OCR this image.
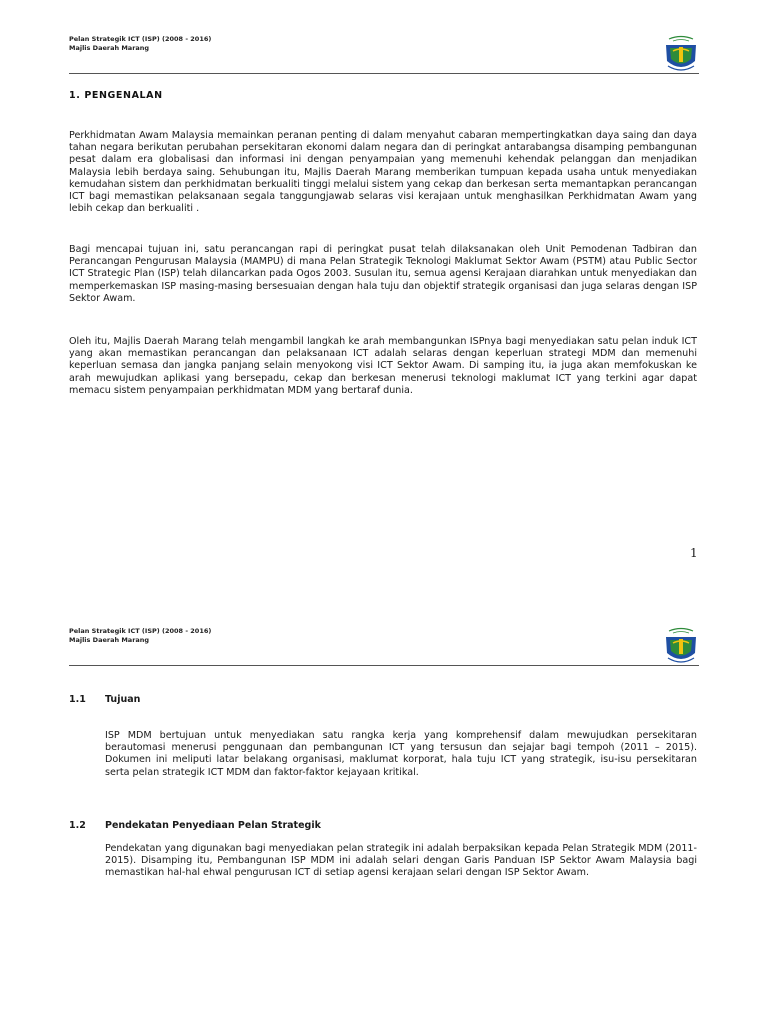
Pelan Strategik ICT (ISP) (2008 - 2016)
Majlis Daerah Marang
1. PENGENALAN
Perkhidmatan Awam Malaysia memainkan peranan penting di dalam menyahut cabaran mempertingkatkan daya saing dan daya tahan negara berikutan perubahan persekitaran ekonomi dalam negara dan di peringkat antarabangsa disamping pembangunan pesat dalam era globalisasi dan informasi ini dengan penyampaian yang memenuhi kehendak pelanggan dan menjadikan Malaysia lebih berdaya saing. Sehubungan itu, Majlis Daerah Marang memberikan tumpuan kepada usaha untuk menyediakan kemudahan sistem dan perkhidmatan berkualiti tinggi melalui sistem yang cekap dan berkesan serta memantapkan perancangan ICT bagi memastikan pelaksanaan segala tanggungjawab selaras visi kerajaan untuk menghasilkan Perkhidmatan Awam yang lebih cekap dan berkualiti .
Bagi mencapai tujuan ini, satu perancangan rapi di peringkat pusat telah dilaksanakan oleh Unit Pemodenan Tadbiran dan Perancangan Pengurusan Malaysia (MAMPU) di mana Pelan Strategik Teknologi Maklumat Sektor Awam (PSTM) atau Public Sector ICT Strategic Plan (ISP) telah dilancarkan pada Ogos 2003. Susulan itu, semua agensi Kerajaan diarahkan untuk menyediakan dan memperkemaskan ISP masing-masing bersesuaian dengan hala tuju dan objektif strategik organisasi dan juga selaras dengan ISP Sektor Awam.
Oleh itu, Majlis Daerah Marang telah mengambil langkah ke arah membangunkan ISPnya bagi menyediakan satu pelan induk ICT yang akan memastikan perancangan dan pelaksanaan ICT adalah selaras dengan keperluan strategi MDM dan memenuhi keperluan semasa dan jangka panjang selain menyokong visi ICT Sektor Awam. Di samping itu, ia juga akan memfokuskan ke arah mewujudkan aplikasi yang bersepadu, cekap dan berkesan menerusi teknologi maklumat ICT yang terkini agar dapat memacu sistem penyampaian perkhidmatan MDM yang bertaraf dunia.
1
Pelan Strategik ICT (ISP) (2008 - 2016)
Majlis Daerah Marang
1.1 Tujuan
ISP MDM bertujuan untuk menyediakan satu rangka kerja yang komprehensif dalam mewujudkan persekitaran berautomasi menerusi penggunaan dan pembangunan ICT yang tersusun dan sejajar bagi tempoh (2011 – 2015). Dokumen ini meliputi latar belakang organisasi, maklumat korporat, hala tuju ICT yang strategik, isu-isu persekitaran serta pelan strategik ICT MDM dan faktor-faktor kejayaan kritikal.
1.2 Pendekatan Penyediaan Pelan Strategik
Pendekatan yang digunakan bagi menyediakan pelan strategik ini adalah berpaksikan kepada Pelan Strategik MDM (2011-2015). Disamping itu, Pembangunan ISP MDM ini adalah selari dengan Garis Panduan ISP Sektor Awam Malaysia bagi memastikan hal-hal ehwal pengurusan ICT di setiap agensi kerajaan selari dengan ISP Sektor Awam.
